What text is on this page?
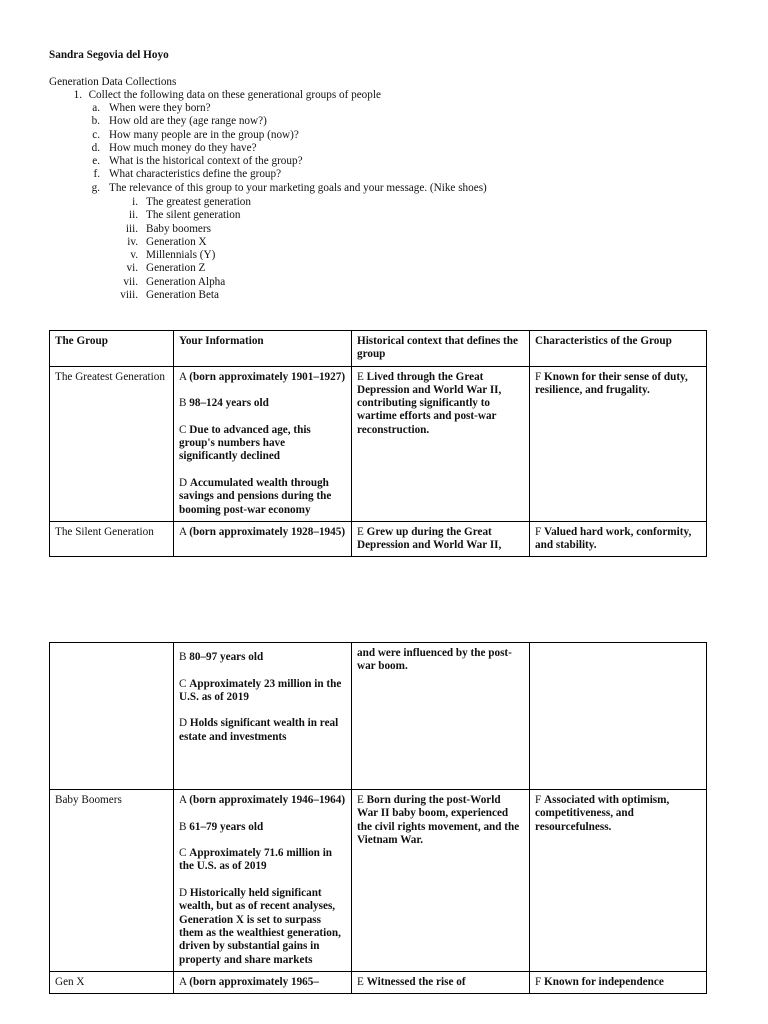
Sandra Segovia del Hoyo
Generation Data Collections
1. Collect the following data on these generational groups of people
a. When were they born?
b. How old are they (age range now?)
c. How many people are in the group (now)?
d. How much money do they have?
e. What is the historical context of the group?
f. What characteristics define the group?
g. The relevance of this group to your marketing goals and your message. (Nike shoes)
i. The greatest generation
ii. The silent generation
iii. Baby boomers
iv. Generation X
v. Millennials (Y)
vi. Generation Z
vii. Generation Alpha
viii. Generation Beta
The Group	Your Information	Historical context that defines the group	Characteristics of the Group
The Greatest Generation	A (born approximately 1901–1927)
B 98–124 years old
C Due to advanced age, this group's numbers have significantly declined
D Accumulated wealth through savings and pensions during the booming post-war economy	E Lived through the Great Depression and World War II, contributing significantly to wartime efforts and post-war reconstruction.	F Known for their sense of duty, resilience, and frugality.
The Silent Generation	A (born approximately 1928–1945)	E Grew up during the Great Depression and World War II,	F Valued hard work, conformity, and stability.

	B 80–97 years old
C Approximately 23 million in the U.S. as of 2019
D Holds significant wealth in real estate and investments	and were influenced by the post-war boom.	
Baby Boomers	A (born approximately 1946–1964)
B 61–79 years old
C Approximately 71.6 million in the U.S. as of 2019
D Historically held significant wealth, but as of recent analyses, Generation X is set to surpass them as the wealthiest generation, driven by substantial gains in property and share markets	E Born during the post-World War II baby boom, experienced the civil rights movement, and the Vietnam War.	F Associated with optimism, competitiveness, and resourcefulness.
Gen X	A (born approximately 1965–	E Witnessed the rise of	F Known for independence
